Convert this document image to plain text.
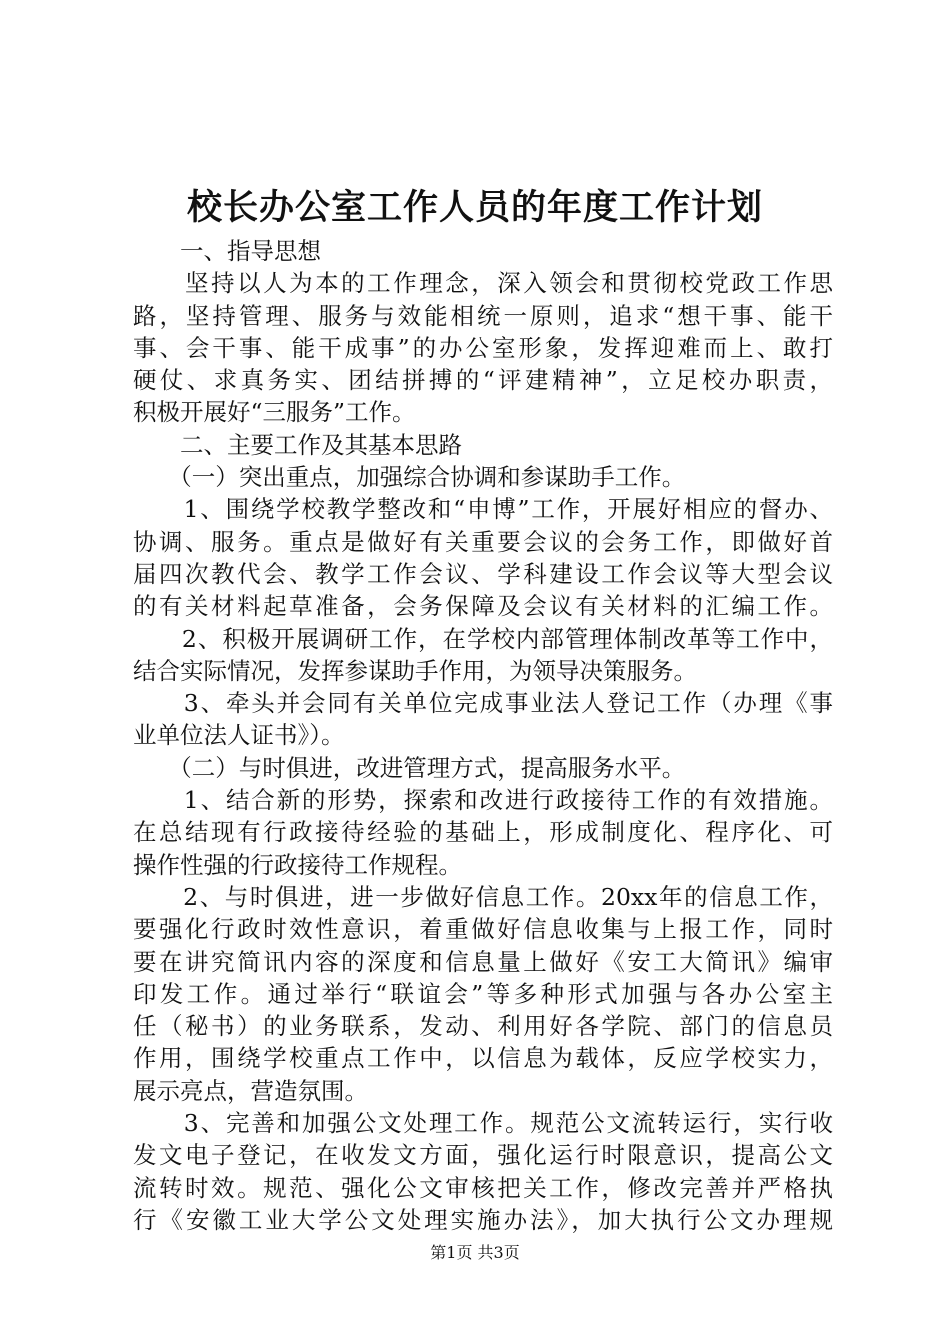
校长办公室工作人员的年度工作计划
　　一、指导思想
　　坚持以人为本的工作理念，深入领会和贯彻校党政工作思
路，坚持管理、服务与效能相统一原则，追求“想干事、能干
事、会干事、能干成事”的办公室形象，发挥迎难而上、敢打
硬仗、求真务实、团结拼搏的“评建精神”，立足校办职责，
积极开展好“三服务”工作。
　　二、主要工作及其基本思路
　　（一）突出重点，加强综合协调和参谋助手工作。
　　1、围绕学校教学整改和“申博”工作，开展好相应的督办、
协调、服务。重点是做好有关重要会议的会务工作，即做好首
届四次教代会、教学工作会议、学科建设工作会议等大型会议
的有关材料起草准备，会务保障及会议有关材料的汇编工作。
　　2、积极开展调研工作，在学校内部管理体制改革等工作中，
结合实际情况，发挥参谋助手作用，为领导决策服务。
　　3、牵头并会同有关单位完成事业法人登记工作（办理《事
业单位法人证书》）。
　　（二）与时俱进，改进管理方式，提高服务水平。
　　1、结合新的形势，探索和改进行政接待工作的有效措施。
在总结现有行政接待经验的基础上，形成制度化、程序化、可
操作性强的行政接待工作规程。
　　2、与时俱进，进一步做好信息工作。20xx年的信息工作，
要强化行政时效性意识，着重做好信息收集与上报工作，同时
要在讲究简讯内容的深度和信息量上做好《安工大简讯》编审
印发工作。通过举行“联谊会”等多种形式加强与各办公室主
任（秘书）的业务联系，发动、利用好各学院、部门的信息员
作用，围绕学校重点工作中，以信息为载体，反应学校实力，
展示亮点，营造氛围。
　　3、完善和加强公文处理工作。规范公文流转运行，实行收
发文电子登记，在收发文方面，强化运行时限意识，提高公文
流转时效。规范、强化公文审核把关工作，修改完善并严格执
行《安徽工业大学公文处理实施办法》，加大执行公文办理规
第1页 共3页
